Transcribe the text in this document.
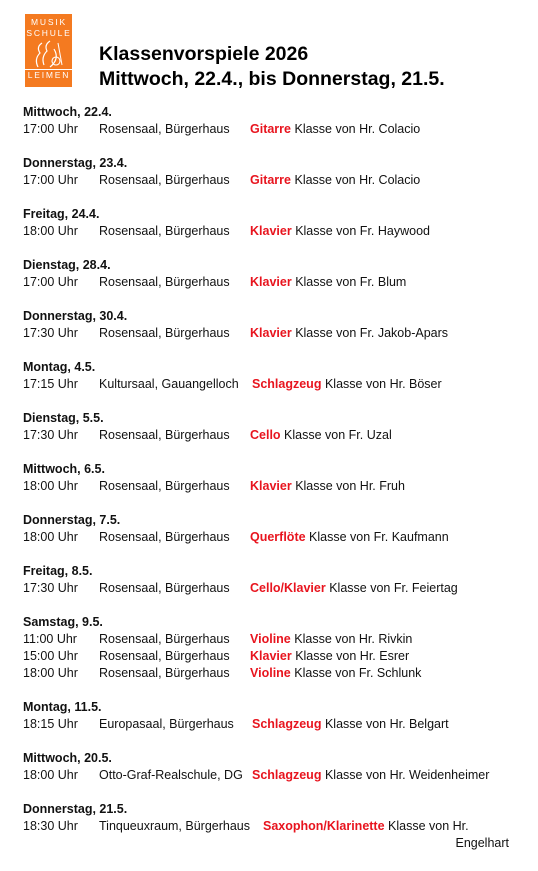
MUSIK
SCHULE
LEIMEN
Klassenvorspiele 2026
Mittwoch, 22.4., bis Donnerstag, 21.5.
Mittwoch, 22.4.
17:00 Uhr Rosensaal, Bürgerhaus Gitarre Klasse von Hr. Colacio
Donnerstag, 23.4.
17:00 Uhr Rosensaal, Bürgerhaus Gitarre Klasse von Hr. Colacio
Freitag, 24.4.
18:00 Uhr Rosensaal, Bürgerhaus Klavier Klasse von Fr. Haywood
Dienstag, 28.4.
17:00 Uhr Rosensaal, Bürgerhaus Klavier Klasse von Fr. Blum
Donnerstag, 30.4.
17:30 Uhr Rosensaal, Bürgerhaus Klavier Klasse von Fr. Jakob-Apars
Montag, 4.5.
17:15 Uhr Kultursaal, Gauangelloch Schlagzeug Klasse von Hr. Böser
Dienstag, 5.5.
17:30 Uhr Rosensaal, Bürgerhaus Cello Klasse von Fr. Uzal
Mittwoch, 6.5.
18:00 Uhr Rosensaal, Bürgerhaus Klavier Klasse von Hr. Fruh
Donnerstag, 7.5.
18:00 Uhr Rosensaal, Bürgerhaus Querflöte Klasse von Fr. Kaufmann
Freitag, 8.5.
17:30 Uhr Rosensaal, Bürgerhaus Cello/Klavier Klasse von Fr. Feiertag
Samstag, 9.5.
11:00 Uhr Rosensaal, Bürgerhaus Violine Klasse von Hr. Rivkin
15:00 Uhr Rosensaal, Bürgerhaus Klavier Klasse von Hr. Esrer
18:00 Uhr Rosensaal, Bürgerhaus Violine Klasse von Fr. Schlunk
Montag, 11.5.
18:15 Uhr Europasaal, Bürgerhaus Schlagzeug Klasse von Hr. Belgart
Mittwoch, 20.5.
18:00 Uhr Otto-Graf-Realschule, DG Schlagzeug Klasse von Hr. Weidenheimer
Donnerstag, 21.5.
18:30 Uhr Tinqueuxraum, Bürgerhaus Saxophon/Klarinette Klasse von Hr.
Engelhart
